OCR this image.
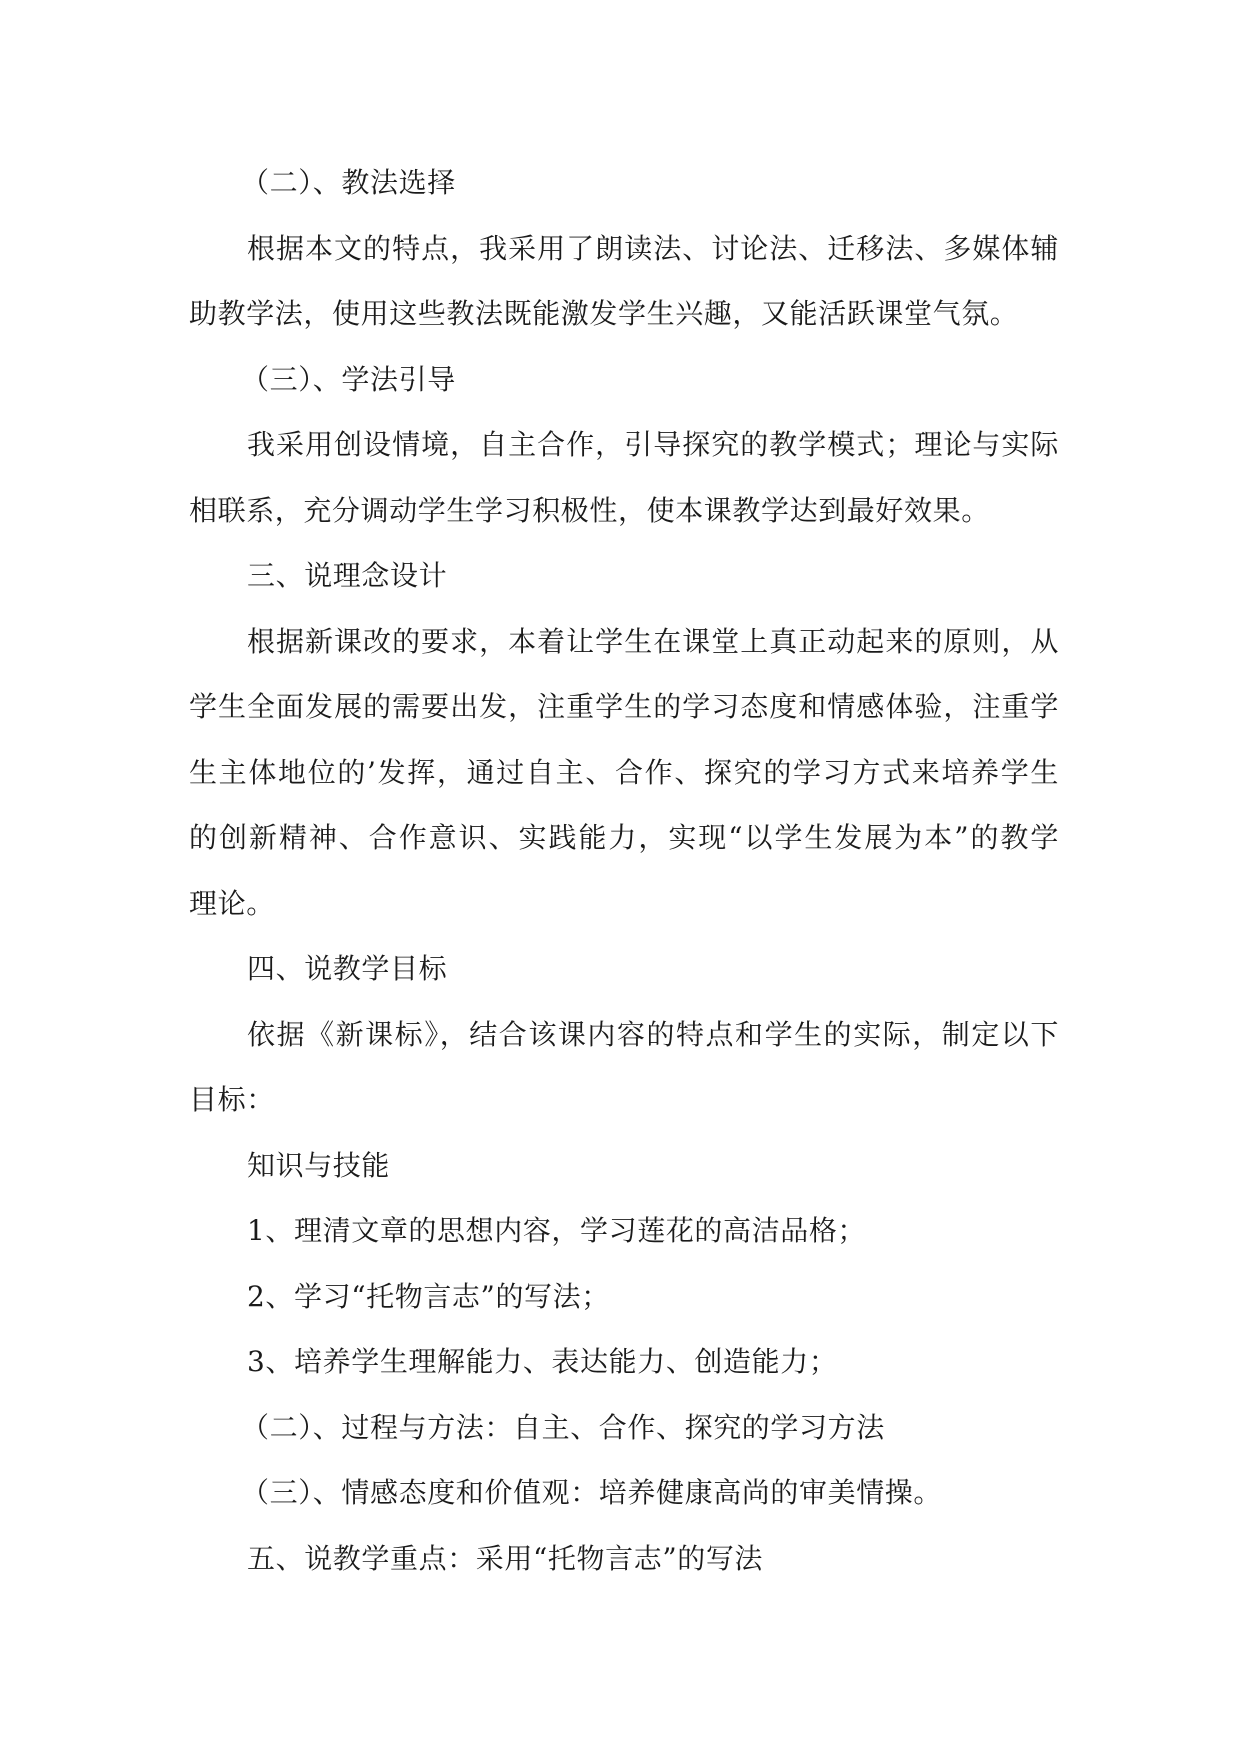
（二）、教法选择
根据本文的特点，我采用了朗读法、讨论法、迁移法、多媒体辅
助教学法，使用这些教法既能激发学生兴趣，又能活跃课堂气氛。
（三）、学法引导
我采用创设情境，自主合作，引导探究的教学模式；理论与实际
相联系，充分调动学生学习积极性，使本课教学达到最好效果。
三、说理念设计
根据新课改的要求，本着让学生在课堂上真正动起来的原则，从
学生全面发展的需要出发，注重学生的学习态度和情感体验，注重学
生主体地位的’发挥，通过自主、合作、探究的学习方式来培养学生
的创新精神、合作意识、实践能力，实现“以学生发展为本”的教学
理论。
四、说教学目标
依据《新课标》，结合该课内容的特点和学生的实际，制定以下
目标：
知识与技能
1、理清文章的思想内容，学习莲花的高洁品格；
2、学习“托物言志”的写法；
3、培养学生理解能力、表达能力、创造能力；
（二）、过程与方法：自主、合作、探究的学习方法
（三）、情感态度和价值观：培养健康高尚的审美情操。
五、说教学重点：采用“托物言志”的写法
